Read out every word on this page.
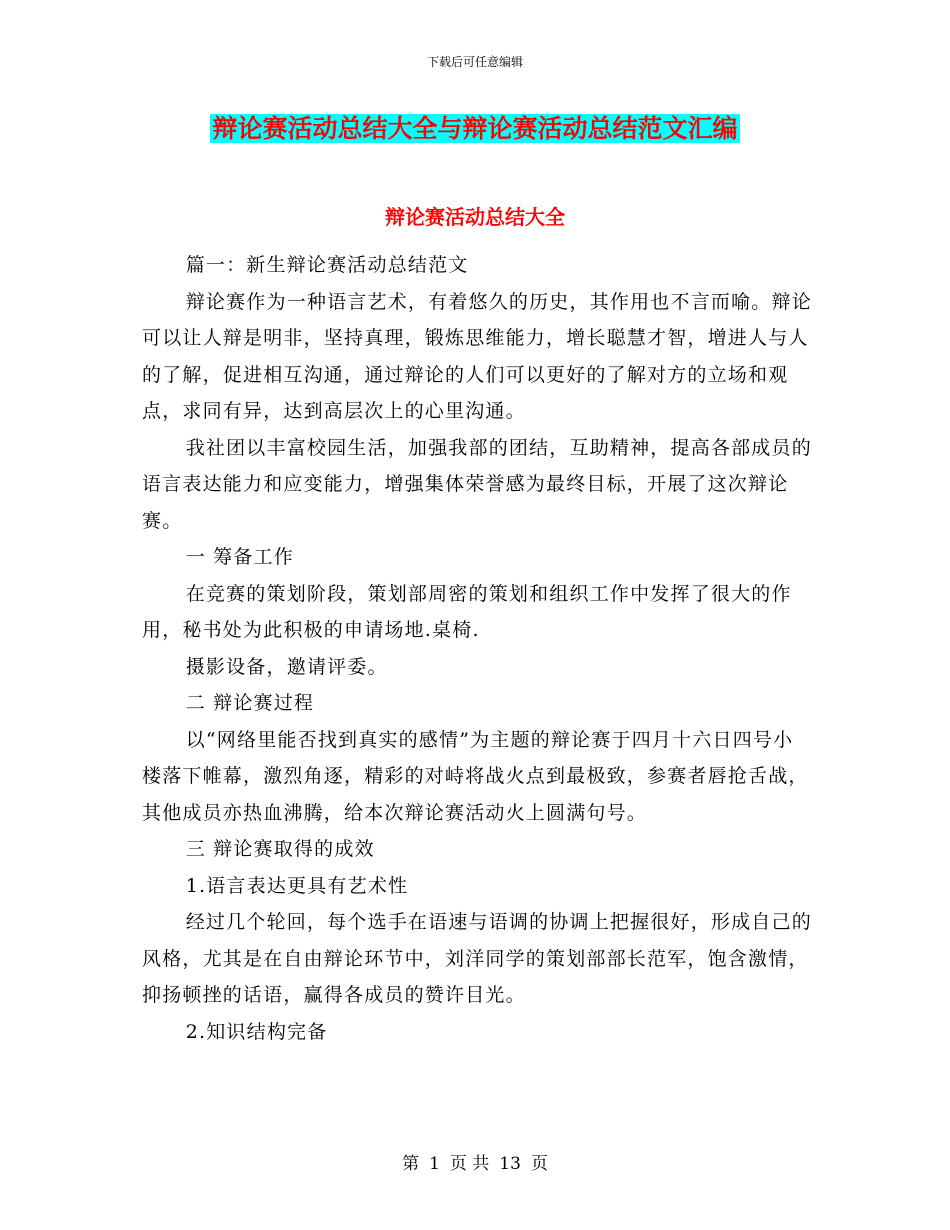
下载后可任意编辑
辩论赛活动总结大全与辩论赛活动总结范文汇编
辩论赛活动总结大全

篇一：新生辩论赛活动总结范文

辩论赛作为一种语言艺术，有着悠久的历史，其作用也不言而喻。辩论可以让人辩是明非，坚持真理，锻炼思维能力，增长聪慧才智，增进人与人的了解，促进相互沟通，通过辩论的人们可以更好的了解对方的立场和观点，求同有异，达到高层次上的心里沟通。

我社团以丰富校园生活，加强我部的团结，互助精神，提高各部成员的语言表达能力和应变能力，增强集体荣誉感为最终目标，开展了这次辩论赛。

一 筹备工作

在竞赛的策划阶段，策划部周密的策划和组织工作中发挥了很大的作用，秘书处为此积极的申请场地.桌椅.

摄影设备，邀请评委。

二 辩论赛过程

以“网络里能否找到真实的感情”为主题的辩论赛于四月十六日四号小楼落下帷幕，激烈角逐，精彩的对峙将战火点到最极致，参赛者唇抢舌战，其他成员亦热血沸腾，给本次辩论赛活动火上圆满句号。

三 辩论赛取得的成效

1.语言表达更具有艺术性

经过几个轮回，每个选手在语速与语调的协调上把握很好，形成自己的风格，尤其是在自由辩论环节中，刘洋同学的策划部部长范军，饱含激情，抑扬顿挫的话语，赢得各成员的赞许目光。

2.知识结构完备

第 1 页 共 13 页
